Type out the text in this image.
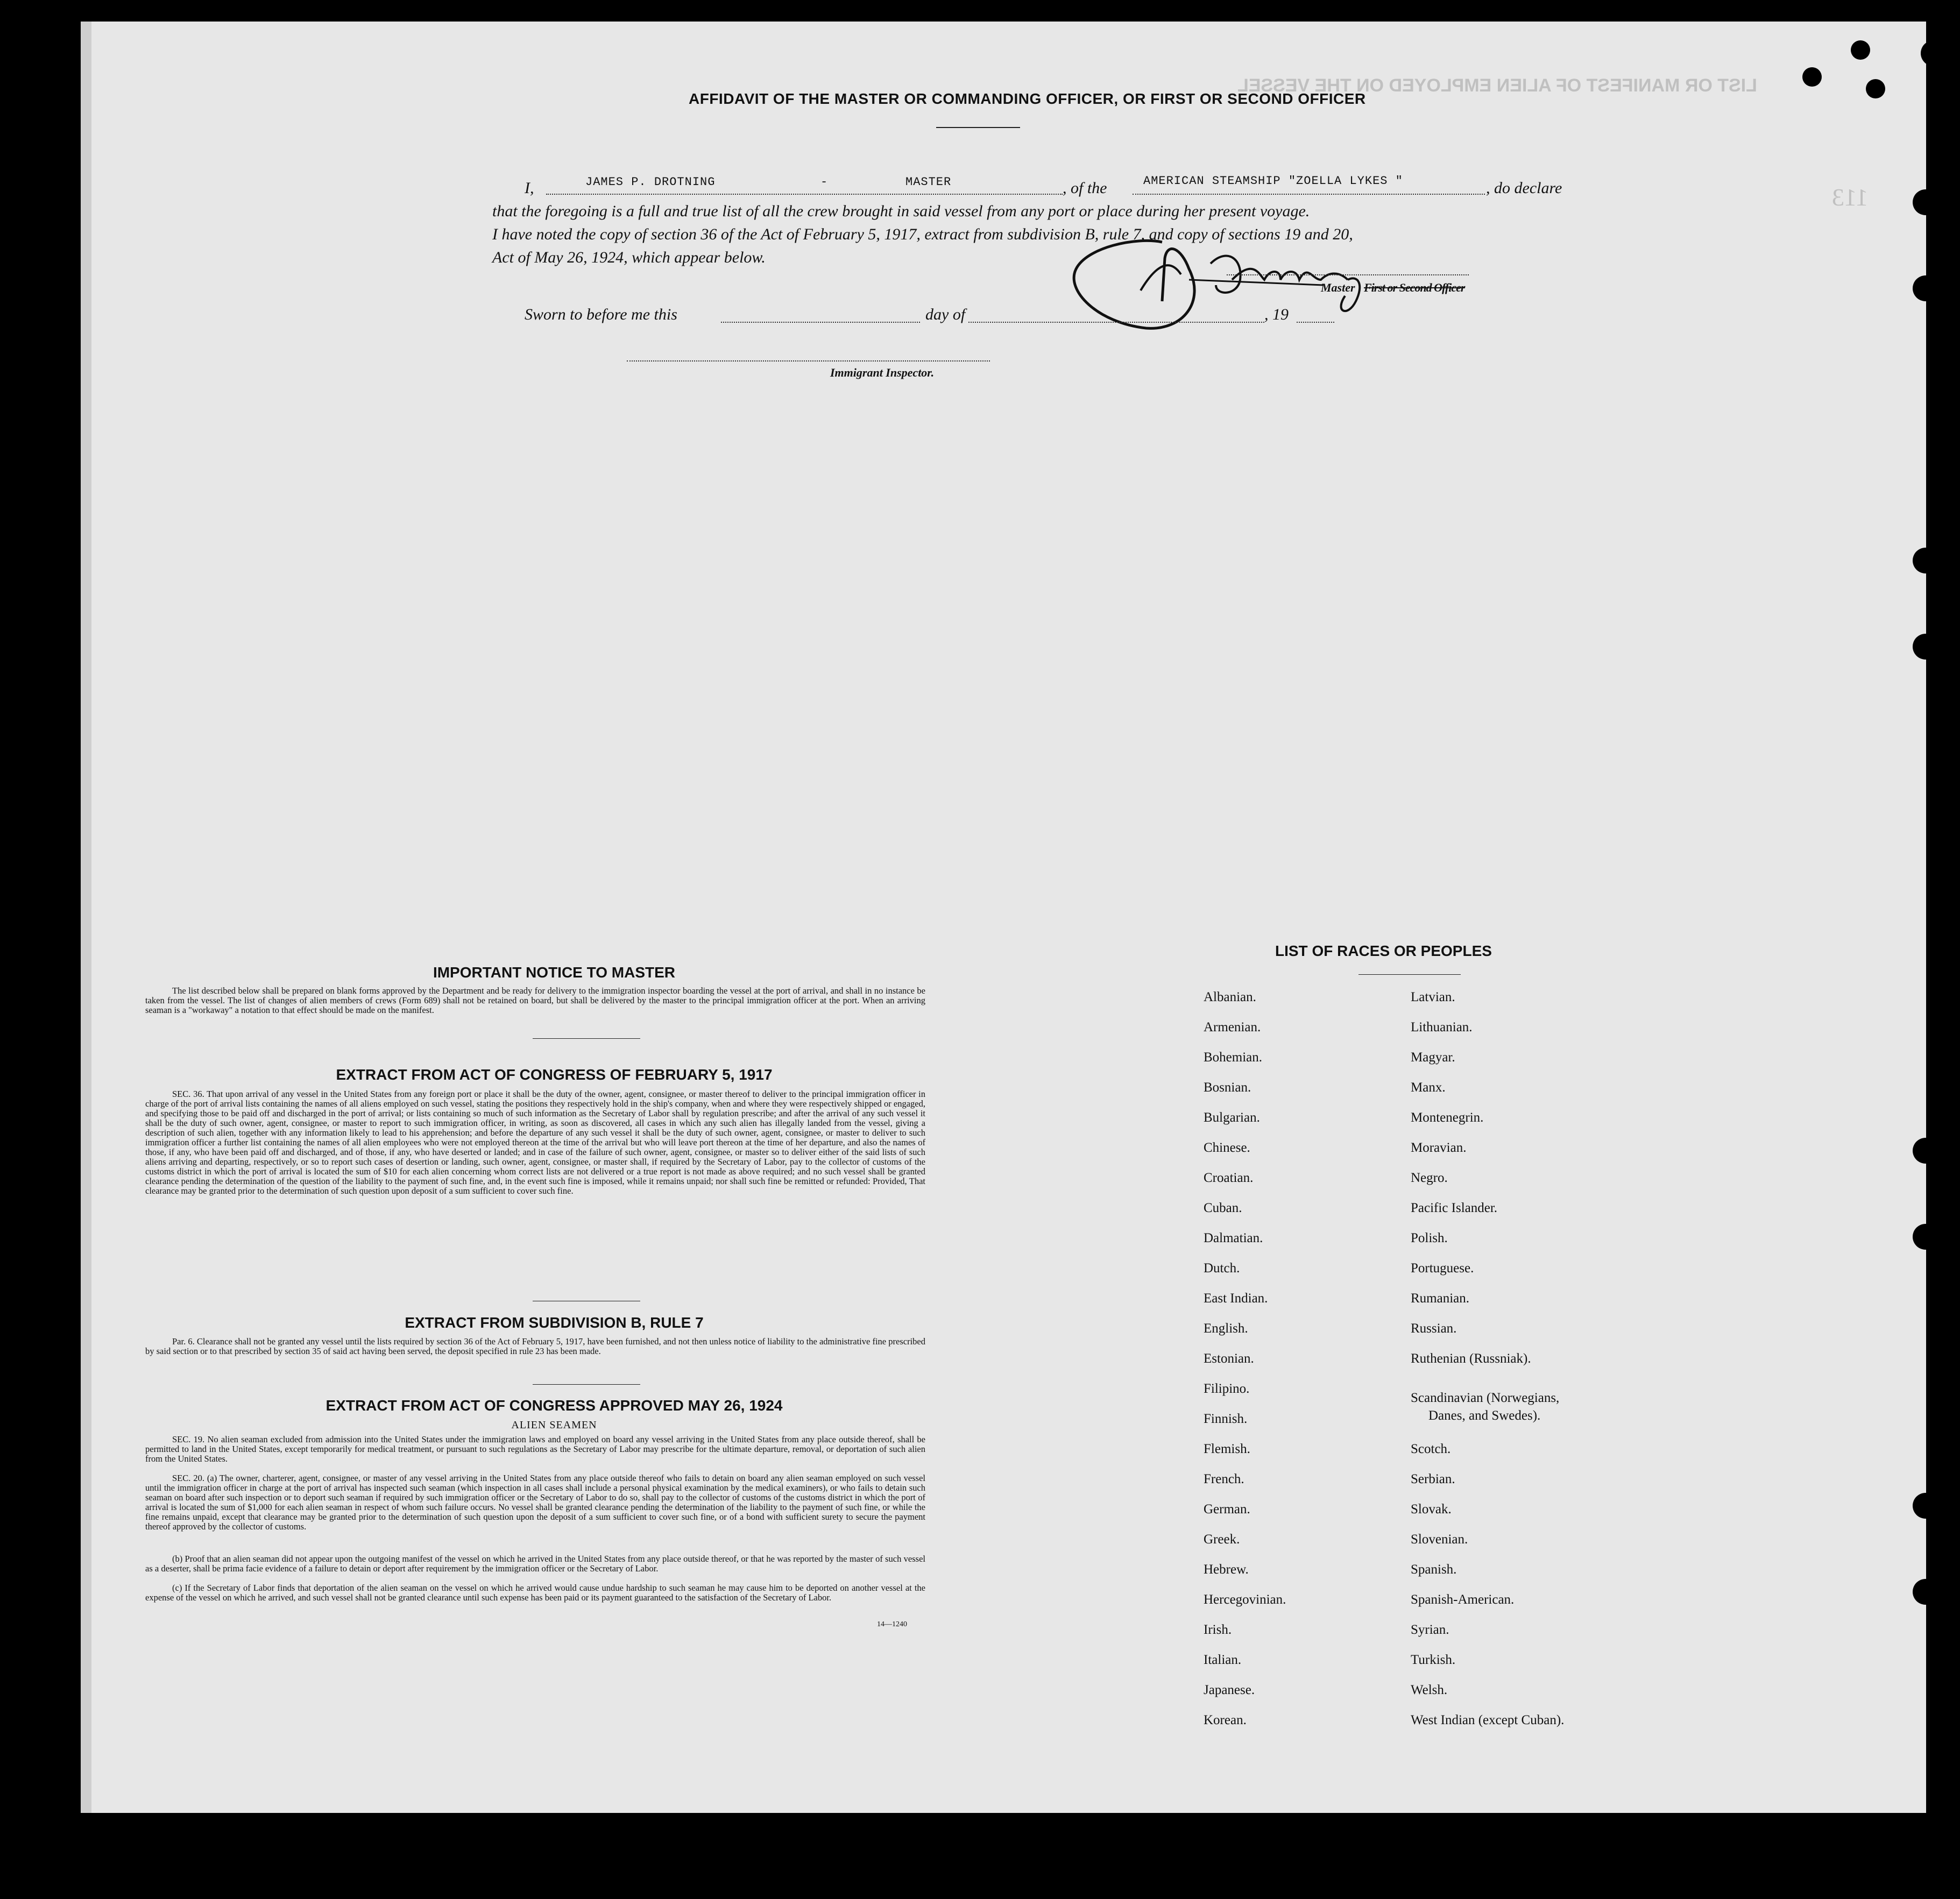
LIST OR MANIFEST OF ALIEN EMPLOYED ON THE VESSEL
113
AFFIDAVIT OF THE MASTER OR COMMANDING OFFICER, OR FIRST OR SECOND OFFICER
I,	JAMES P. DROTNING	-	MASTER	, of the	AMERICAN STEAMSHIP "ZOELLA LYKES "	, do declare
that the foregoing is a full and true list of all the crew brought in said vessel from any port or place during her present voyage.
I have noted the copy of section 36 of the Act of February 5, 1917, extract from subdivision B, rule 7, and copy of sections 19 and 20,
Act of May 26, 1924, which appear below.
Master First or Second Officer
Sworn to before me this	day of	, 19
Immigrant Inspector.
IMPORTANT NOTICE TO MASTER
The list described below shall be prepared on blank forms approved by the Department and be ready for delivery to the immigration inspector boarding the vessel at the port of arrival, and shall in no instance be taken from the vessel. The list of changes of alien members of crews (Form 689) shall not be retained on board, but shall be delivered by the master to the principal immigration officer at the port. When an arriving seaman is a "workaway" a notation to that effect should be made on the manifest.
EXTRACT FROM ACT OF CONGRESS OF FEBRUARY 5, 1917
SEC. 36. That upon arrival of any vessel in the United States from any foreign port or place it shall be the duty of the owner, agent, consignee, or master thereof to deliver to the principal immigration officer in charge of the port of arrival lists containing the names of all aliens employed on such vessel, stating the positions they respectively hold in the ship's company, when and where they were respectively shipped or engaged, and specifying those to be paid off and discharged in the port of arrival; or lists containing so much of such information as the Secretary of Labor shall by regulation prescribe; and after the arrival of any such vessel it shall be the duty of such owner, agent, consignee, or master to report to such immigration officer, in writing, as soon as discovered, all cases in which any such alien has illegally landed from the vessel, giving a description of such alien, together with any information likely to lead to his apprehension; and before the departure of any such vessel it shall be the duty of such owner, agent, consignee, or master to deliver to such immigration officer a further list containing the names of all alien employees who were not employed thereon at the time of the arrival but who will leave port thereon at the time of her departure, and also the names of those, if any, who have been paid off and discharged, and of those, if any, who have deserted or landed; and in case of the failure of such owner, agent, consignee, or master so to deliver either of the said lists of such aliens arriving and departing, respectively, or so to report such cases of desertion or landing, such owner, agent, consignee, or master shall, if required by the Secretary of Labor, pay to the collector of customs of the customs district in which the port of arrival is located the sum of $10 for each alien concerning whom correct lists are not delivered or a true report is not made as above required; and no such vessel shall be granted clearance pending the determination of the question of the liability to the payment of such fine, and, in the event such fine is imposed, while it remains unpaid; nor shall such fine be remitted or refunded: Provided, That clearance may be granted prior to the determination of such question upon deposit of a sum sufficient to cover such fine.
EXTRACT FROM SUBDIVISION B, RULE 7
Par. 6. Clearance shall not be granted any vessel until the lists required by section 36 of the Act of February 5, 1917, have been furnished, and not then unless notice of liability to the administrative fine prescribed by said section or to that prescribed by section 35 of said act having been served, the deposit specified in rule 23 has been made.
EXTRACT FROM ACT OF CONGRESS APPROVED MAY 26, 1924
ALIEN SEAMEN
SEC. 19. No alien seaman excluded from admission into the United States under the immigration laws and employed on board any vessel arriving in the United States from any place outside thereof, shall be permitted to land in the United States, except temporarily for medical treatment, or pursuant to such regulations as the Secretary of Labor may prescribe for the ultimate departure, removal, or deportation of such alien from the United States.
SEC. 20. (a) The owner, charterer, agent, consignee, or master of any vessel arriving in the United States from any place outside thereof who fails to detain on board any alien seaman employed on such vessel until the immigration officer in charge at the port of arrival has inspected such seaman (which inspection in all cases shall include a personal physical examination by the medical examiners), or who fails to detain such seaman on board after such inspection or to deport such seaman if required by such immigration officer or the Secretary of Labor to do so, shall pay to the collector of customs of the customs district in which the port of arrival is located the sum of $1,000 for each alien seaman in respect of whom such failure occurs. No vessel shall be granted clearance pending the determination of the liability to the payment of such fine, or while the fine remains unpaid, except that clearance may be granted prior to the determination of such question upon the deposit of a sum sufficient to cover such fine, or of a bond with sufficient surety to secure the payment thereof approved by the collector of customs.
(b) Proof that an alien seaman did not appear upon the outgoing manifest of the vessel on which he arrived in the United States from any place outside thereof, or that he was reported by the master of such vessel as a deserter, shall be prima facie evidence of a failure to detain or deport after requirement by the immigration officer or the Secretary of Labor.
(c) If the Secretary of Labor finds that deportation of the alien seaman on the vessel on which he arrived would cause undue hardship to such seaman he may cause him to be deported on another vessel at the expense of the vessel on which he arrived, and such vessel shall not be granted clearance until such expense has been paid or its payment guaranteed to the satisfaction of the Secretary of Labor.
14—1240
LIST OF RACES OR PEOPLES
Albanian.
Armenian.
Bohemian.
Bosnian.
Bulgarian.
Chinese.
Croatian.
Cuban.
Dalmatian.
Dutch.
East Indian.
English.
Estonian.
Filipino.
Finnish.
Flemish.
French.
German.
Greek.
Hebrew.
Hercegovinian.
Irish.
Italian.
Japanese.
Korean.
Latvian.
Lithuanian.
Magyar.
Manx.
Montenegrin.
Moravian.
Negro.
Pacific Islander.
Polish.
Portuguese.
Rumanian.
Russian.
Ruthenian (Russniak).
Scandinavian (Norwegians,
Danes, and Swedes).
Scotch.
Serbian.
Slovak.
Slovenian.
Spanish.
Spanish-American.
Syrian.
Turkish.
Welsh.
West Indian (except Cuban).
